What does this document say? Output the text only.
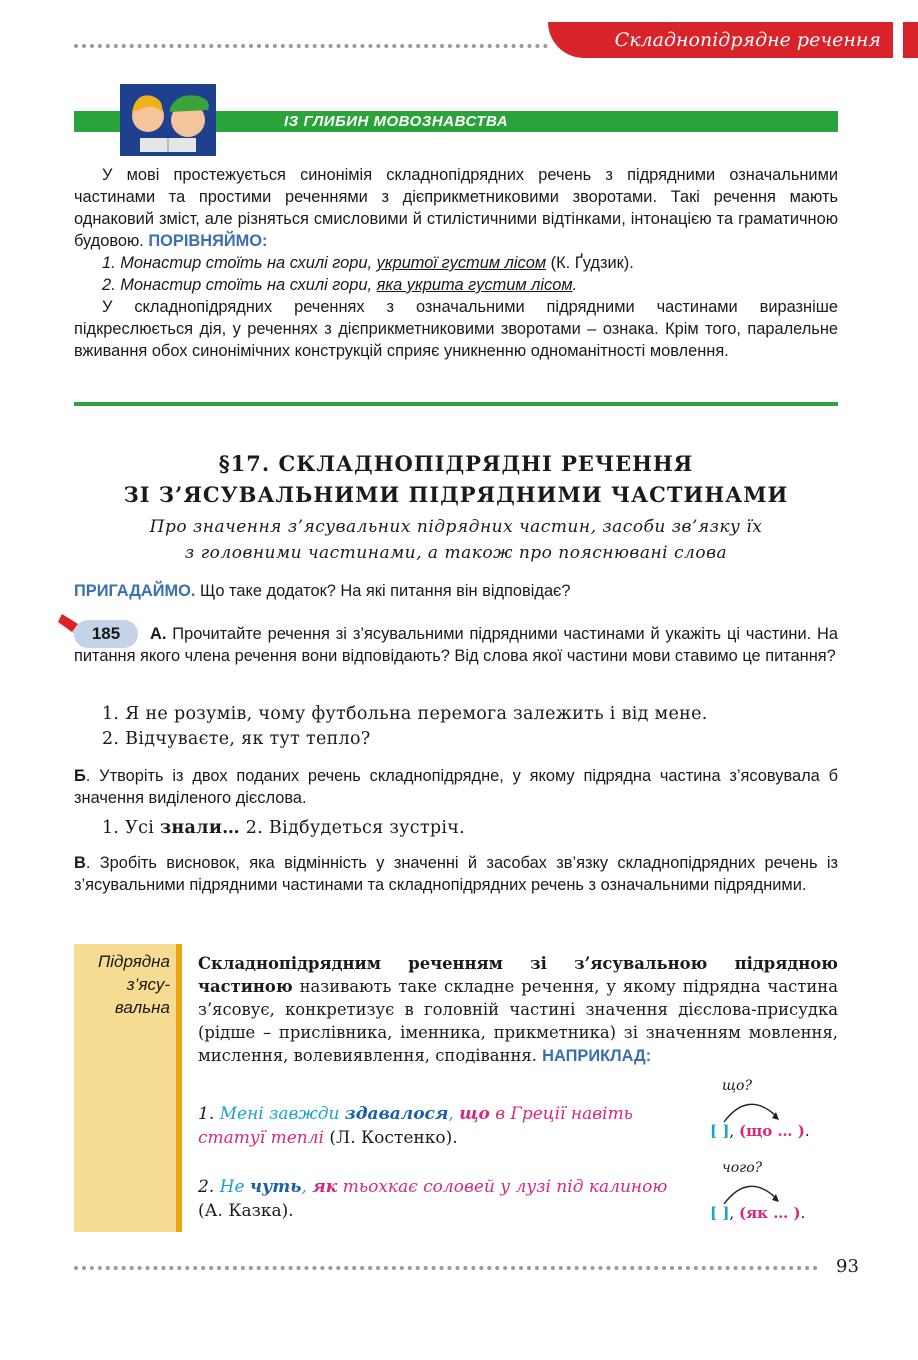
Складнопідрядне речення
ІЗ ГЛИБИН МОВОЗНАВСТВА

У мові простежується синонімія складнопідрядних речень з підрядними означальними частинами та простими реченнями з дієприкметниковими зворотами. Такі речення мають однаковий зміст, але різняться смисловими й стилістичними відтінками, інтонацією та граматичною будовою. ПОРІВНЯЙМО:

1. Монастир стоїть на схилі гори, укритої густим лісом (К. Ґудзик).

2. Монастир стоїть на схилі гори, яка укрита густим лісом.

У складнопідрядних реченнях з означальними підрядними частинами виразніше підкреслюється дія, у реченнях з дієприкметниковими зворотами – ознака. Крім того, паралельне вживання обох синонімічних конструкцій сприяє уникненню одноманітності мовлення.

§17. СКЛАДНОПІДРЯДНІ РЕЧЕННЯ
ЗІ З’ЯСУВАЛЬНИМИ ПІДРЯДНИМИ ЧАСТИНАМИ
Про значення з’ясувальних підрядних частин, засоби зв’язку їх
з головними частинами, а також про пояснювані слова
ПРИГАДАЙМО. Що таке додаток? На які питання він відповідає?
185	А. Прочитайте речення зі з’ясувальними підрядними частинами й укажіть ці частини. На питання якого члена речення вони відповідають? Від слова якої частини мови ставимо це питання?

1. Я не розумів, чому футбольна перемога залежить і від мене.
2. Відчуваєте, як тут тепло?

Б. Утворіть із двох поданих речень складнопідрядне, у якому підрядна частина з’ясовувала б значення виділеного дієслова.

1. Усі знали… 2. Відбудеться зустріч.

В. Зробіть висновок, яка відмінність у значенні й засобах зв’язку складнопідрядних речень із з’ясувальними підрядними частинами та складнопідрядних речень з означальними підрядними.

Підрядна
з’ясу-
вальна
Складнопідрядним реченням зі з’ясувальною підрядною частиною називають таке складне речення, у якому підрядна частина з’ясовує, конкретизує в головній частині значення дієслова-присудка (рідше – прислівника, іменника, прикметника) зі значенням мовлення, мислення, волевиявлення, сподівання. НАПРИКЛАД:
1. Мені завжди здавалося, що в Греції навіть статуї теплі (Л. Костенко).
2. Не чуть, як тьохкає соловей у лузі під калиною (А. Казка).
що?
[ ], (що … ).
чого?
[ ], (як … ).
93
